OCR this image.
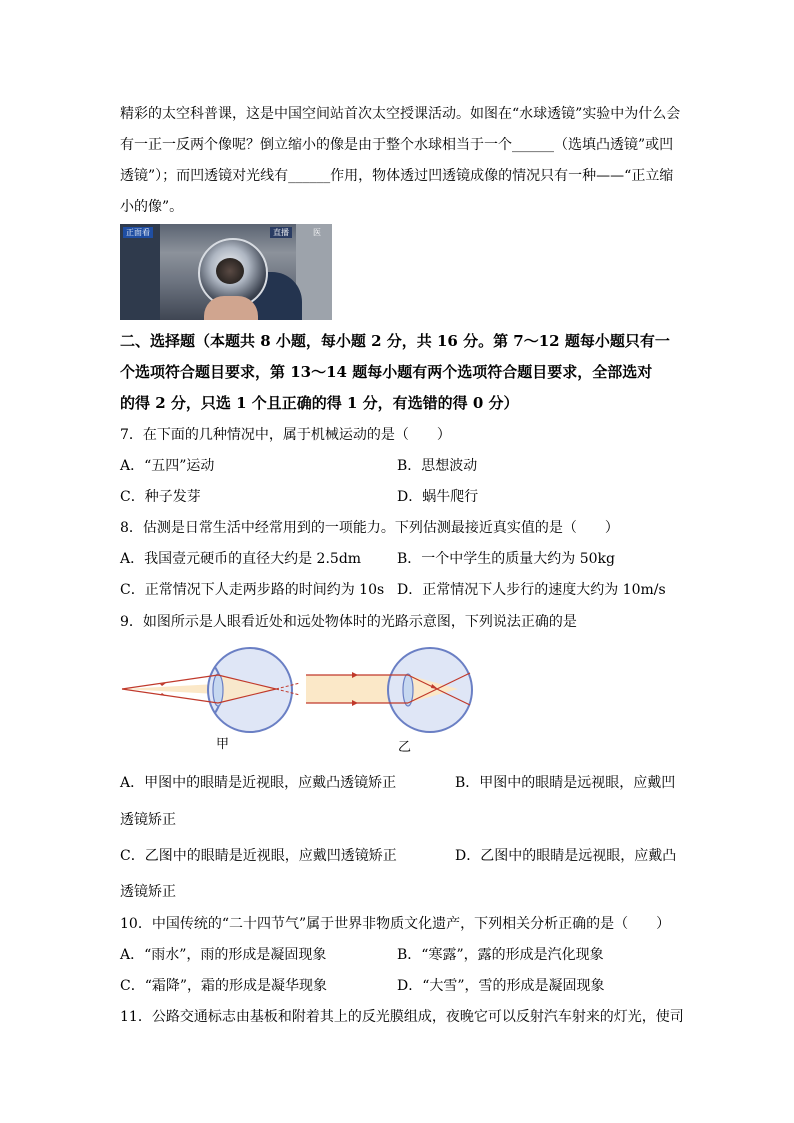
精彩的太空科普课，这是中国空间站首次太空授课活动。如图在“水球透镜”实验中为什么会
有一正一反两个像呢？倒立缩小的像是由于整个水球相当于一个______（选填凸透镜”或凹
透镜”）；而凹透镜对光线有______作用，物体透过凹透镜成像的情况只有一种——“正立缩
小的像”。
正面看	直播	医
二、选择题（本题共 8 小题，每小题 2 分，共 16 分。第 7～12 题每小题只有一
个选项符合题目要求，第 13～14 题每小题有两个选项符合题目要求，全部选对
的得 2 分，只选 1 个且正确的得 1 分，有选错的得 0 分）
7．在下面的几种情况中，属于机械运动的是（　　）
A．“五四”运动	B．思想波动
C．种子发芽	D．蜗牛爬行
8．估测是日常生活中经常用到的一项能力。下列估测最接近真实值的是（　　）
A．我国壹元硬币的直径大约是 2.5dm	B．一个中学生的质量大约为 50kg
C．正常情况下人走两步路的时间约为 10s D．正常情况下人步行的速度大约为 10m/s
9．如图所示是人眼看近处和远处物体时的光路示意图，下列说法正确的是
甲	乙
A．甲图中的眼睛是近视眼，应戴凸透镜矫正	B．甲图中的眼睛是远视眼，应戴凹
透镜矫正
C．乙图中的眼睛是近视眼，应戴凹透镜矫正	D．乙图中的眼睛是远视眼，应戴凸
透镜矫正
10．中国传统的“二十四节气”属于世界非物质文化遗产，下列相关分析正确的是（　　）
A．“雨水”，雨的形成是凝固现象	B．“寒露”，露的形成是汽化现象
C．“霜降”，霜的形成是凝华现象	D．“大雪”，雪的形成是凝固现象
11．公路交通标志由基板和附着其上的反光膜组成，夜晚它可以反射汽车射来的灯光，使司
